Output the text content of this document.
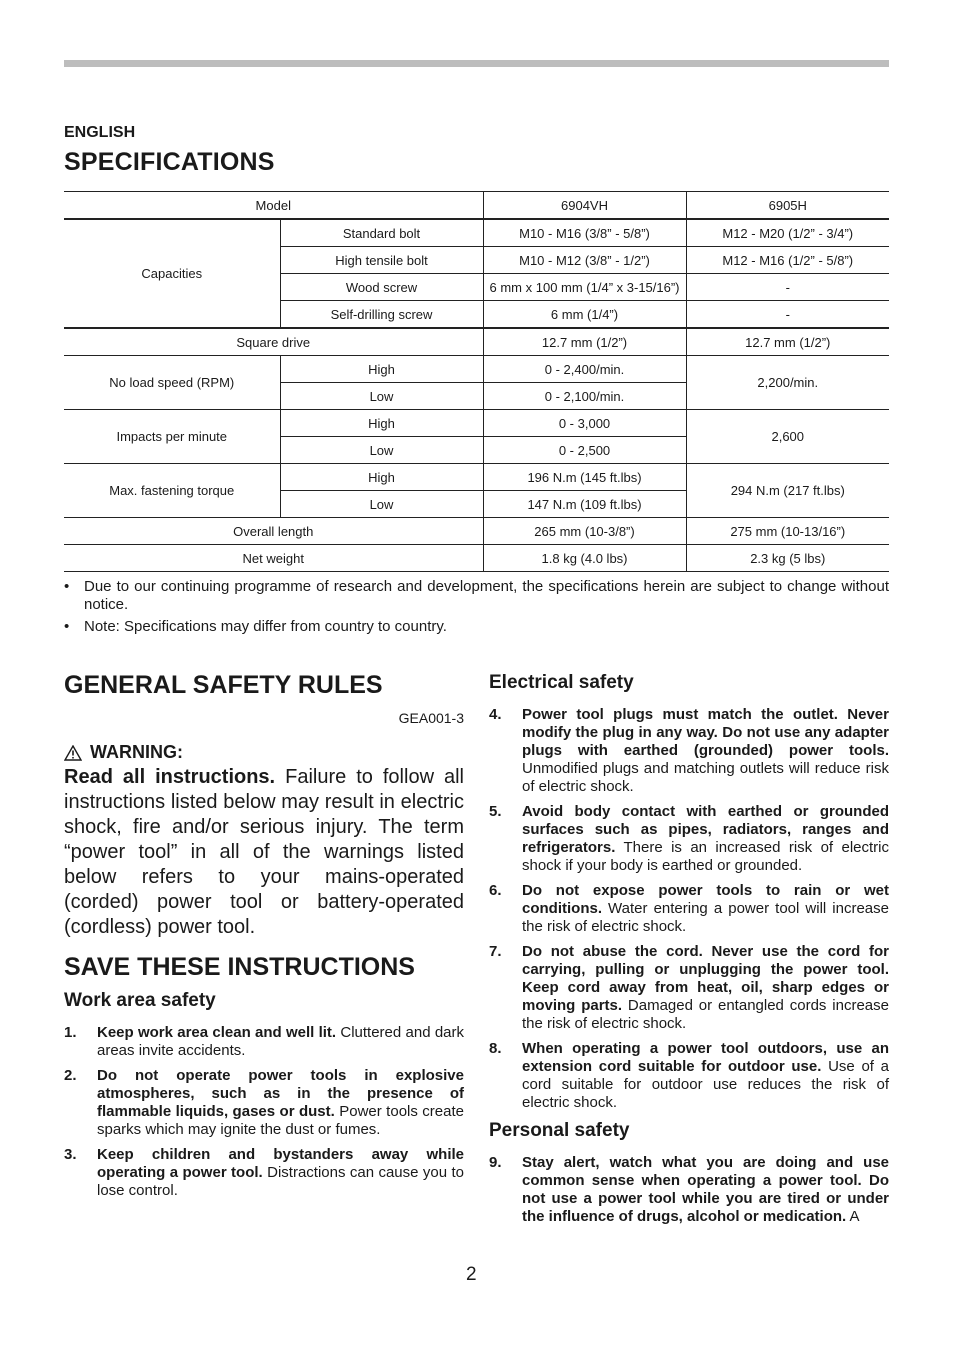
ENGLISH
SPECIFICATIONS
Model		6904VH	6905H
Capacities	Standard bolt	M10 - M16 (3/8” - 5/8”)	M12 - M20 (1/2” - 3/4”)
	High tensile bolt	M10 - M12 (3/8” - 1/2”)	M12 - M16 (1/2” - 5/8”)
	Wood screw	6 mm x 100 mm (1/4” x 3-15/16”)	-
	Self-drilling screw	6 mm (1/4”)	-
Square drive		12.7 mm (1/2”)	12.7 mm (1/2”)
No load speed (RPM)	High	0 - 2,400/min.	2,200/min.
	Low	0 - 2,100/min.	
Impacts per minute	High	0 - 3,000	2,600
	Low	0 - 2,500	
Max. fastening torque	High	196 N.m (145 ft.lbs)	294 N.m (217 ft.lbs)
	Low	147 N.m (109 ft.lbs)	
Overall length		265 mm (10-3/8”)	275 mm (10-13/16”)
Net weight		1.8 kg (4.0 lbs)	2.3 kg (5 lbs)
• Due to our continuing programme of research and development, the specifications herein are subject to change without notice.
• Note: Specifications may differ from country to country.
GENERAL SAFETY RULES
GEA001-3
WARNING:
Read all instructions. Failure to follow all instructions listed below may result in electric shock, fire and/or serious injury. The term “power tool” in all of the warnings listed below refers to your mains-operated (corded) power tool or battery-operated (cordless) power tool.
SAVE THESE INSTRUCTIONS
Work area safety
1. Keep work area clean and well lit. Cluttered and dark areas invite accidents.
2. Do not operate power tools in explosive atmospheres, such as in the presence of flammable liquids, gases or dust. Power tools create sparks which may ignite the dust or fumes.
3. Keep children and bystanders away while operating a power tool. Distractions can cause you to lose control.
Electrical safety
4. Power tool plugs must match the outlet. Never modify the plug in any way. Do not use any adapter plugs with earthed (grounded) power tools. Unmodified plugs and matching outlets will reduce risk of electric shock.
5. Avoid body contact with earthed or grounded surfaces such as pipes, radiators, ranges and refrigerators. There is an increased risk of electric shock if your body is earthed or grounded.
6. Do not expose power tools to rain or wet conditions. Water entering a power tool will increase the risk of electric shock.
7. Do not abuse the cord. Never use the cord for carrying, pulling or unplugging the power tool. Keep cord away from heat, oil, sharp edges or moving parts. Damaged or entangled cords increase the risk of electric shock.
8. When operating a power tool outdoors, use an extension cord suitable for outdoor use. Use of a cord suitable for outdoor use reduces the risk of electric shock.
Personal safety
9. Stay alert, watch what you are doing and use common sense when operating a power tool. Do not use a power tool while you are tired or under the influence of drugs, alcohol or medication. A
2
